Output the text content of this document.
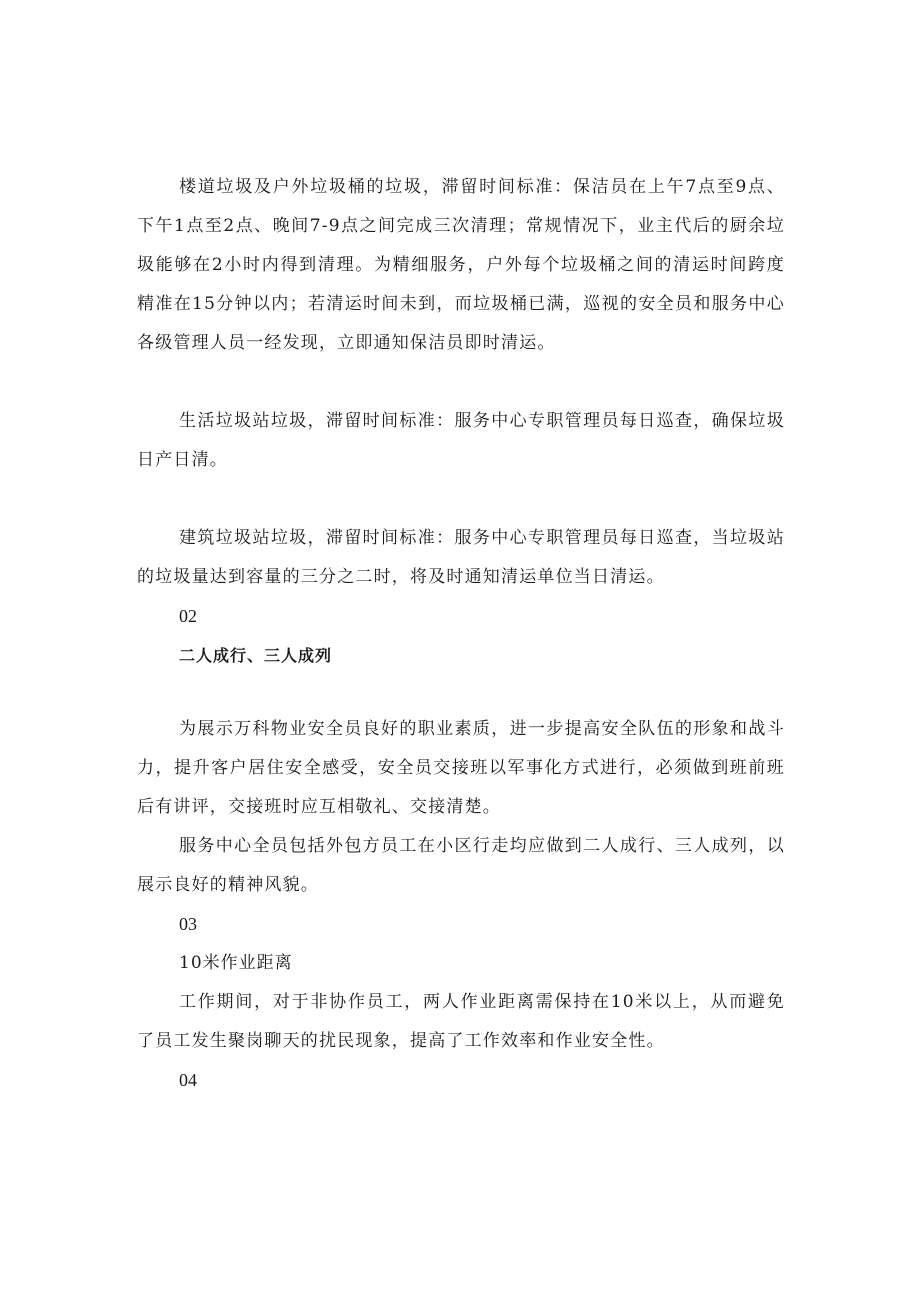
楼道垃圾及户外垃圾桶的垃圾，滞留时间标准：保洁员在上午7点至9点、下午1点至2点、晚间7-9点之间完成三次清理；常规情况下，业主代后的厨余垃圾能够在2小时内得到清理。为精细服务，户外每个垃圾桶之间的清运时间跨度精准在15分钟以内；若清运时间未到，而垃圾桶已满，巡视的安全员和服务中心各级管理人员一经发现，立即通知保洁员即时清运。

生活垃圾站垃圾，滞留时间标准：服务中心专职管理员每日巡查，确保垃圾日产日清。

建筑垃圾站垃圾，滞留时间标准：服务中心专职管理员每日巡查，当垃圾站的垃圾量达到容量的三分之二时，将及时通知清运单位当日清运。

02

二人成行、三人成列

为展示万科物业安全员良好的职业素质，进一步提高安全队伍的形象和战斗力，提升客户居住安全感受，安全员交接班以军事化方式进行，必须做到班前班后有讲评，交接班时应互相敬礼、交接清楚。

服务中心全员包括外包方员工在小区行走均应做到二人成行、三人成列，以展示良好的精神风貌。

03

10米作业距离

工作期间，对于非协作员工，两人作业距离需保持在10米以上，从而避免了员工发生聚岗聊天的扰民现象，提高了工作效率和作业安全性。

04
